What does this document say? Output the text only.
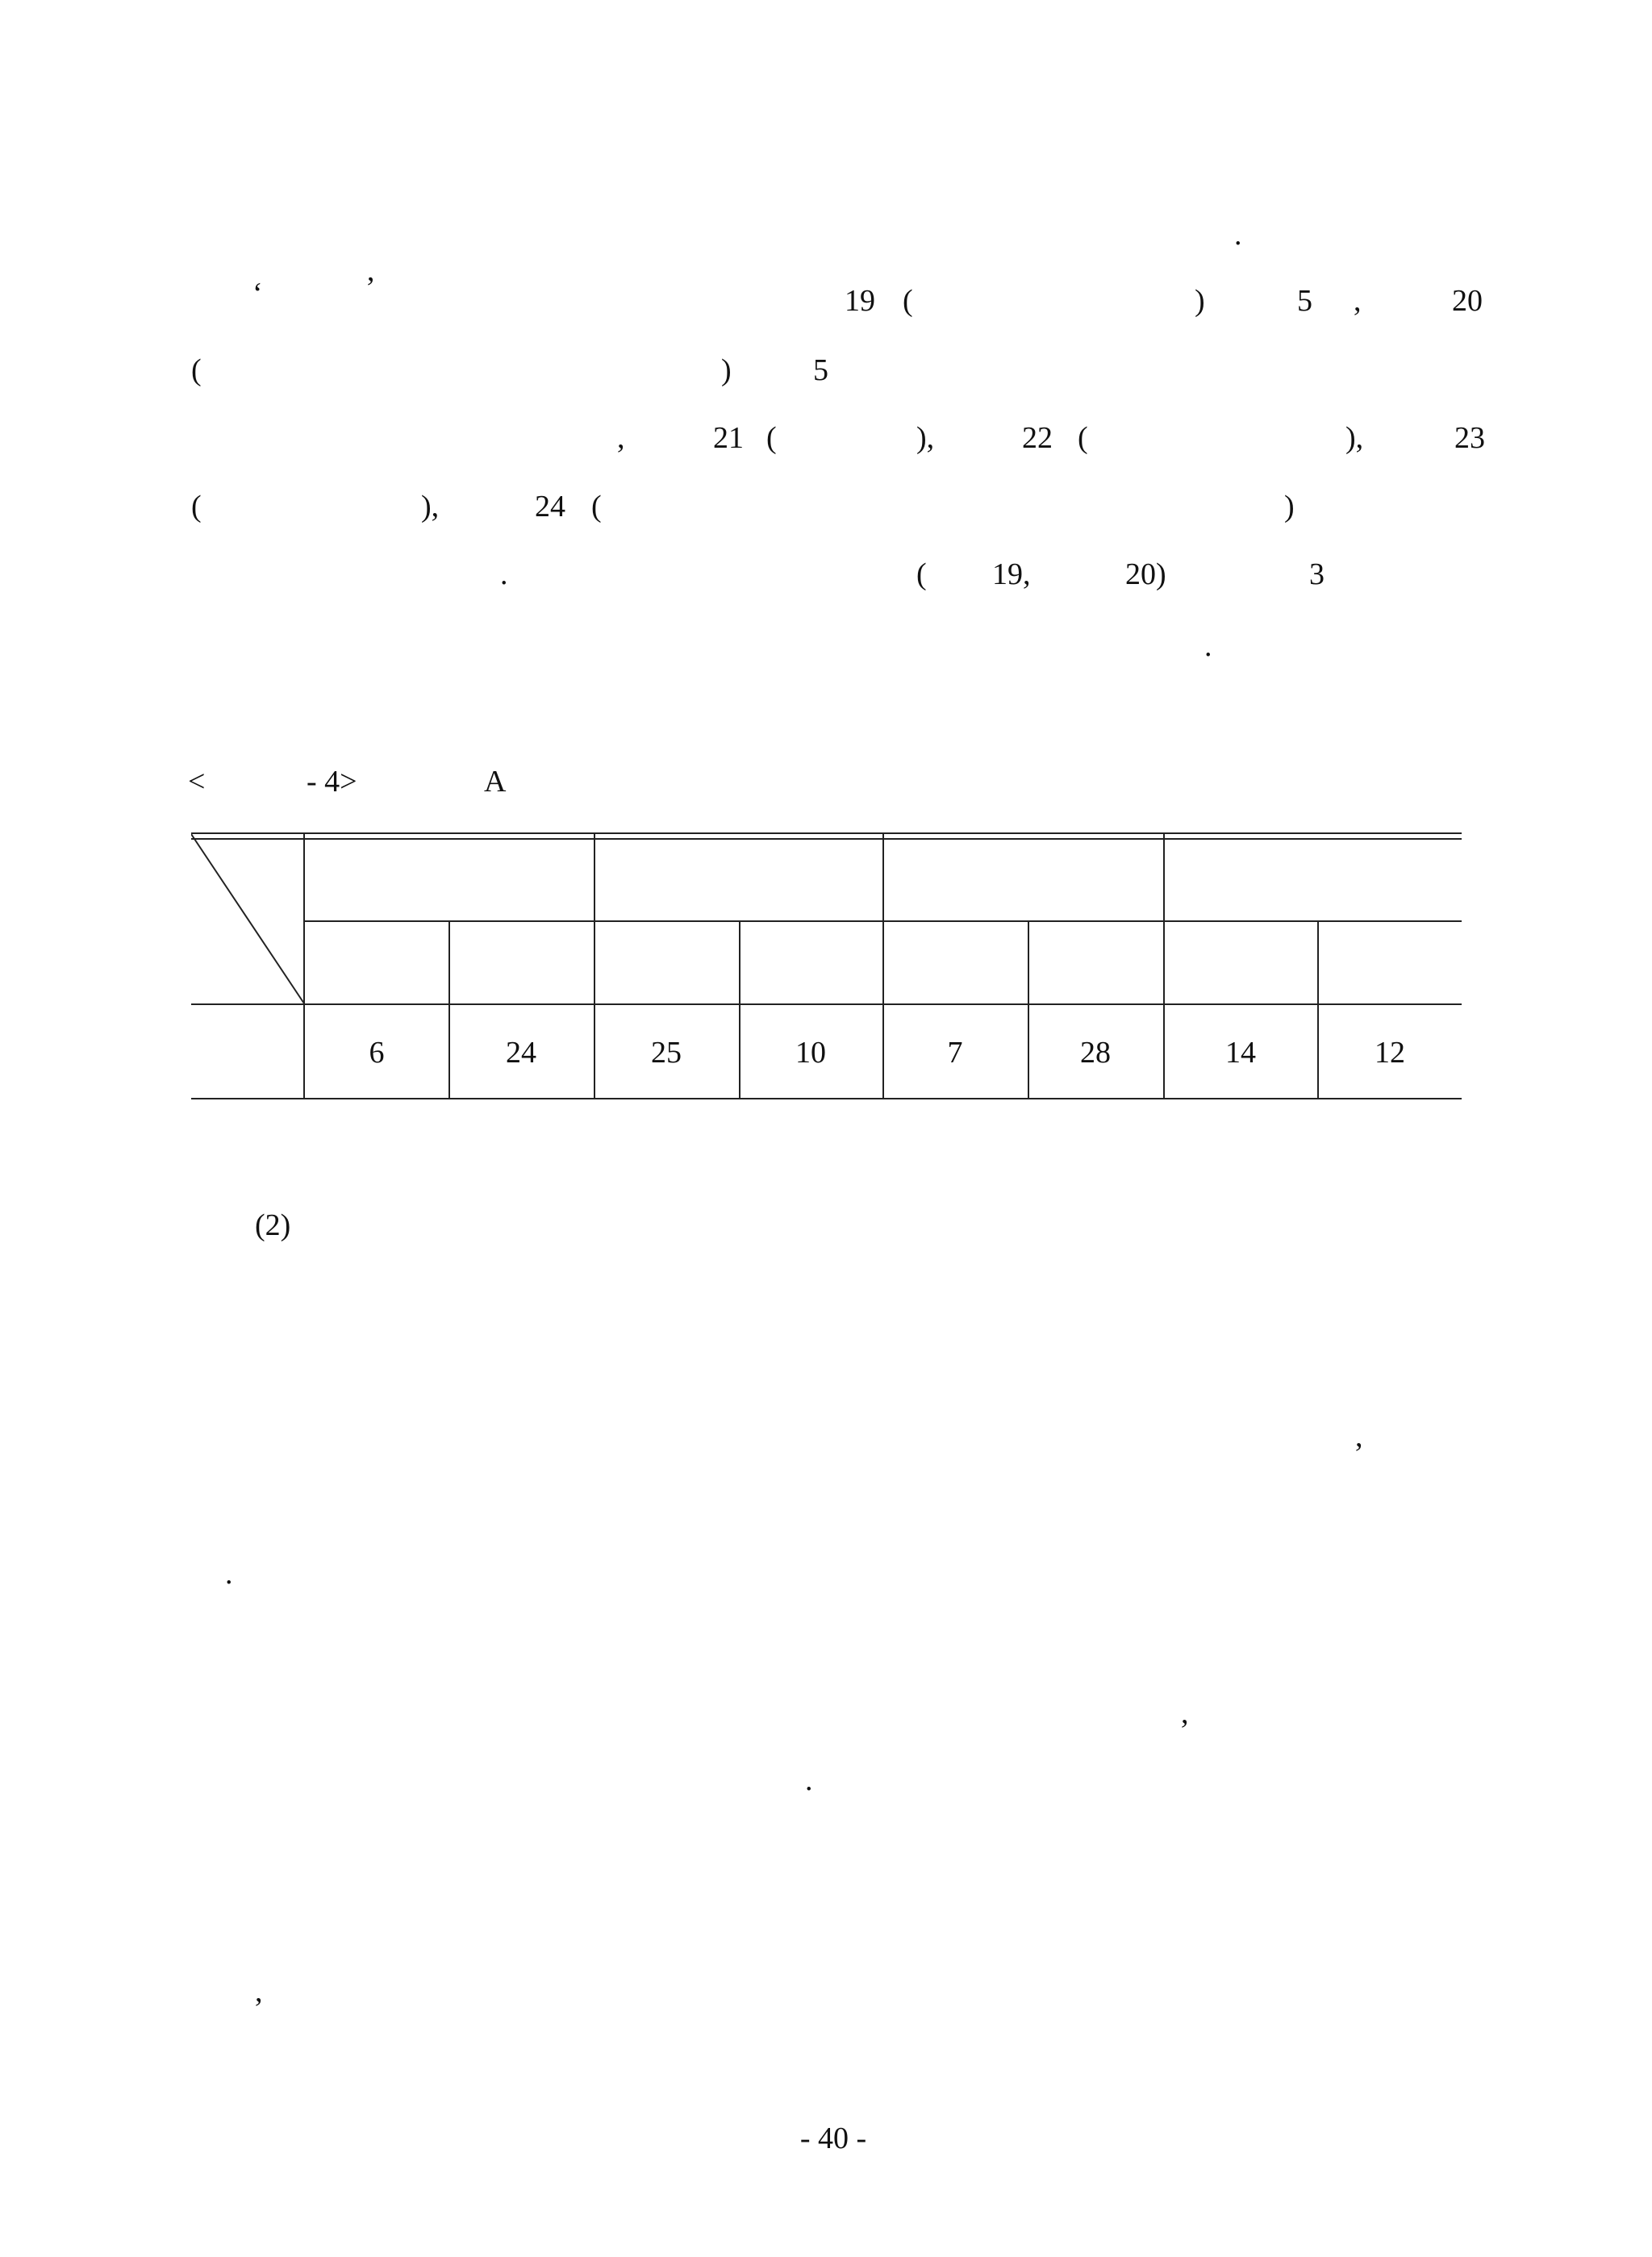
.
‘	’	19 (	)	5 ,	20
(	)	5
,	21 (	),	22 (	),	23
(	),	24 (	)
.	( 19,	20)	3
.
<	- 4>	A
6	24	25	10	7	28	14	12
(2)
,
.
,
.
,
- 40 -
